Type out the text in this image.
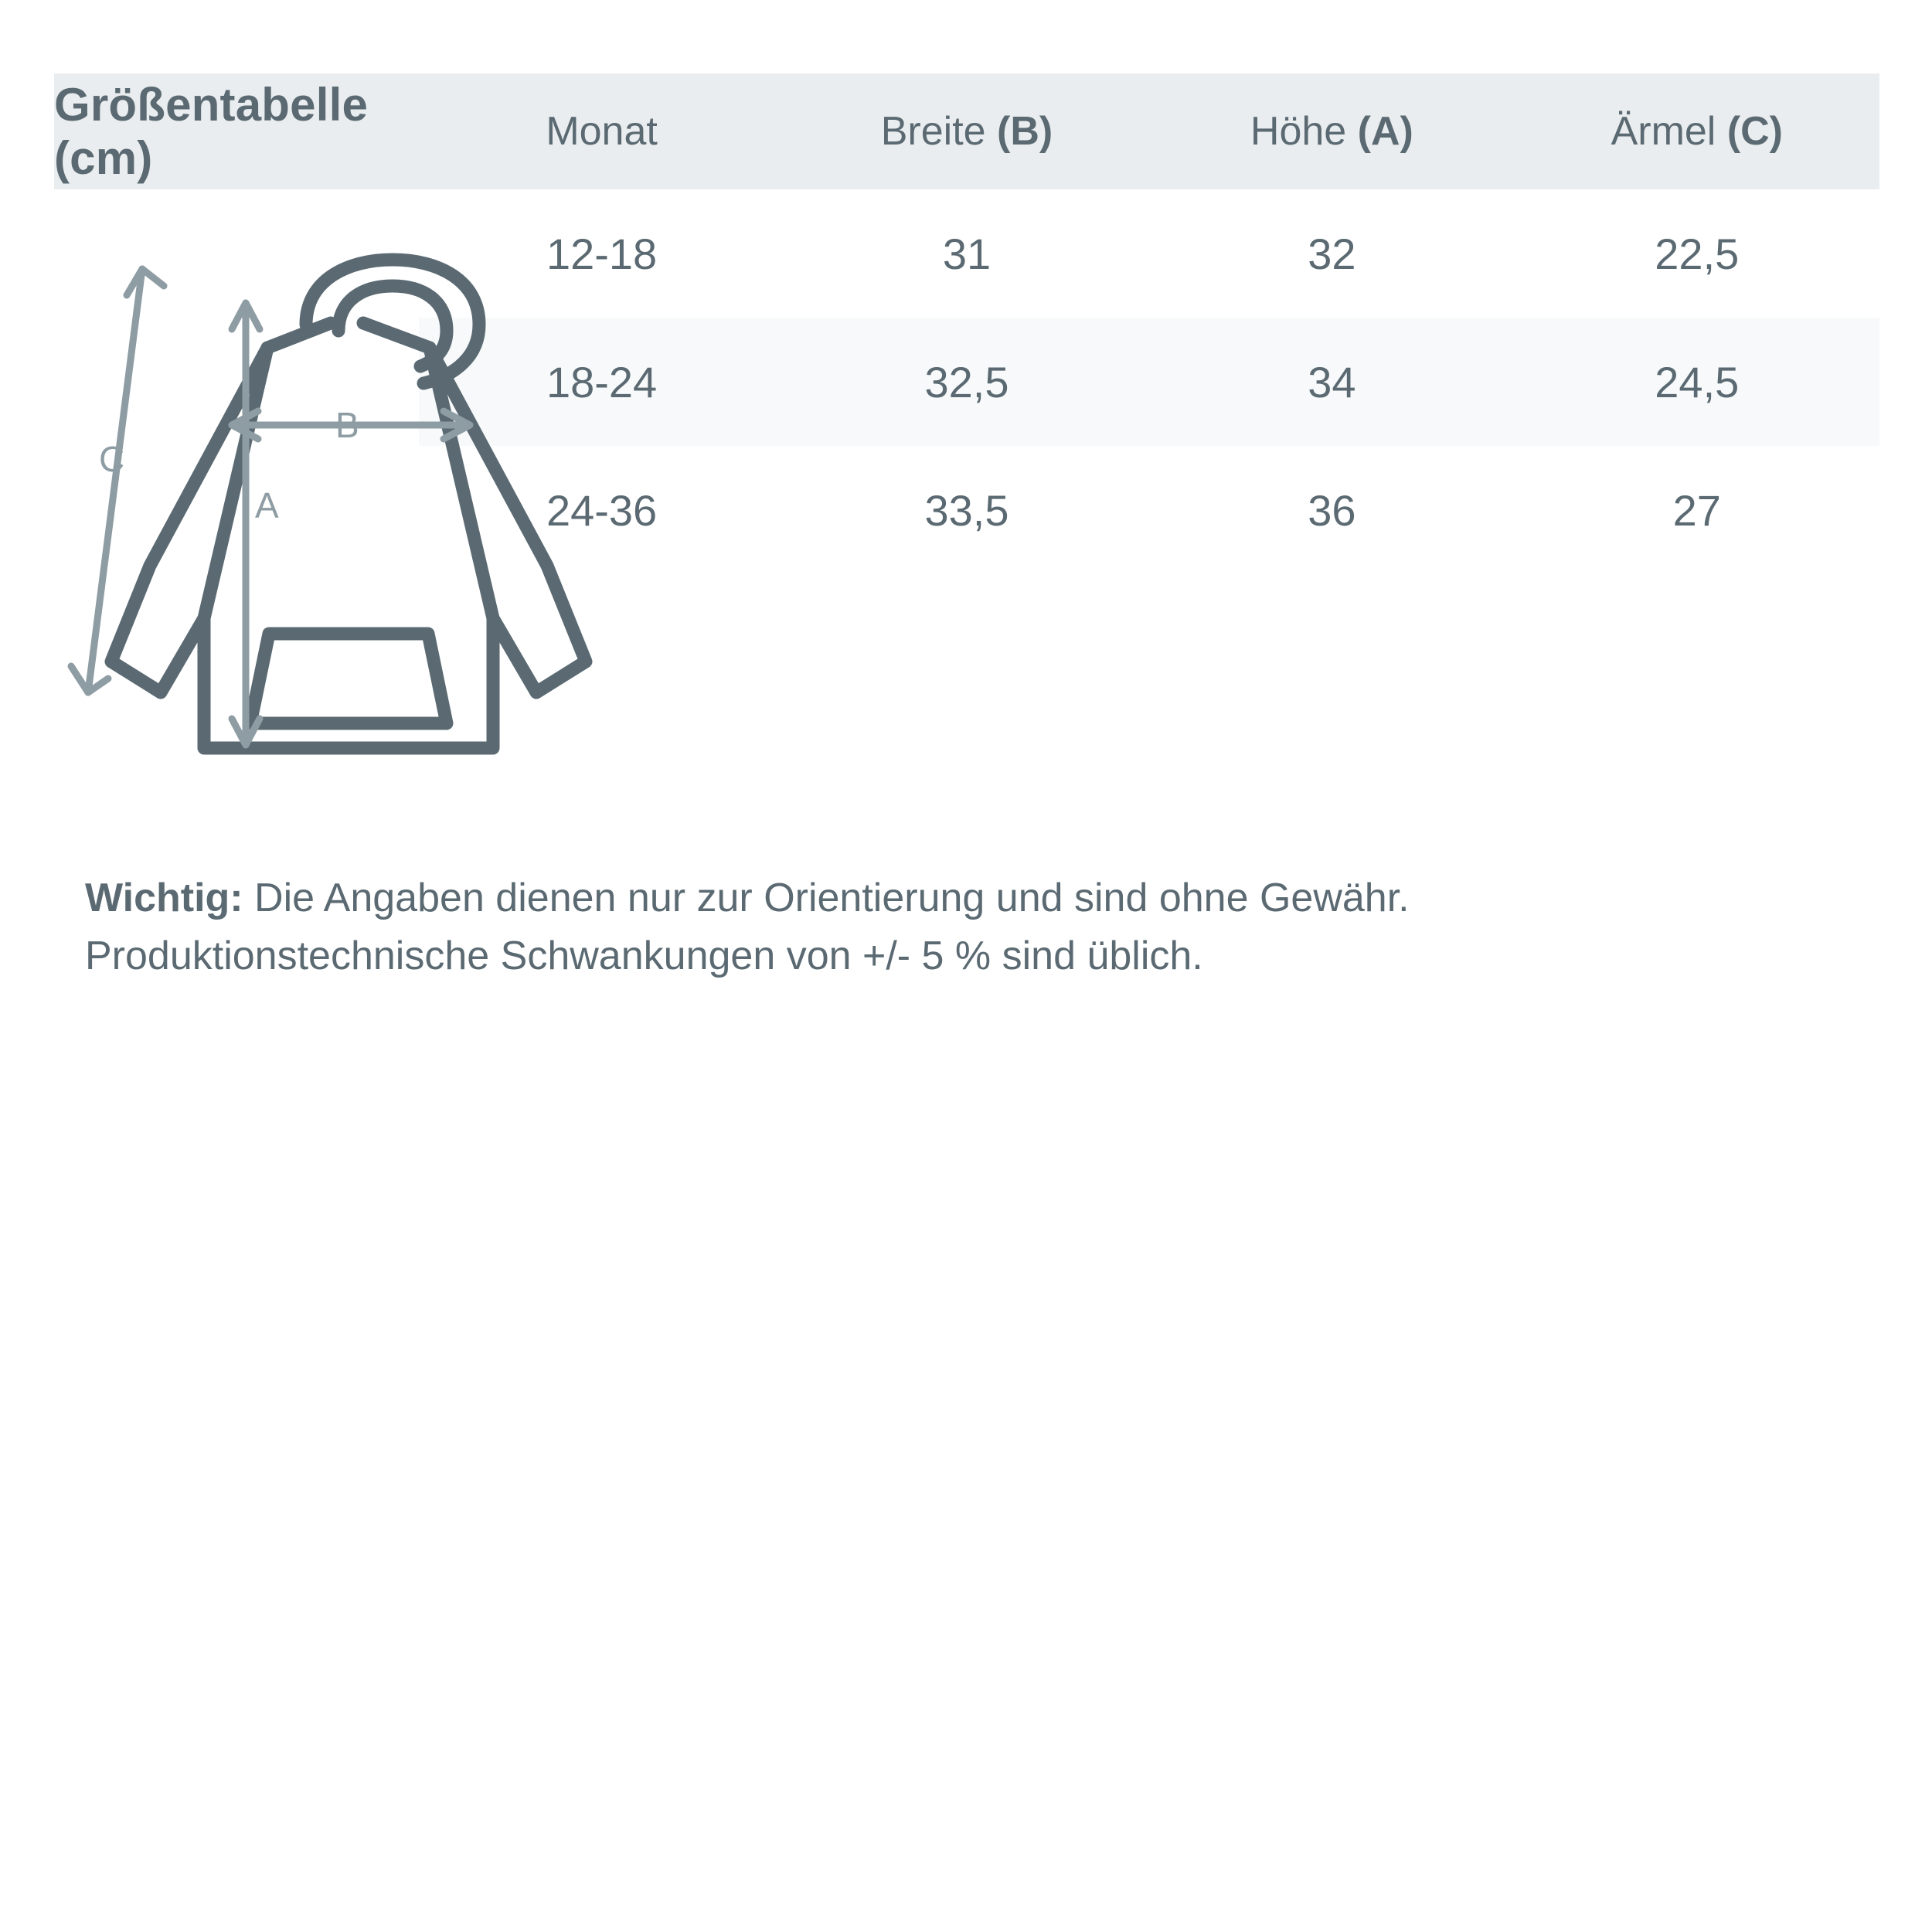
Größentabelle (cm)	Monat	Breite (B)	Höhe (A)	Ärmel (C)
	12-18	31	32	22,5
	18-24	32,5	34	24,5
	24-36	33,5	36	27
C
A
B
Wichtig: Die Angaben dienen nur zur Orientierung und sind ohne Gewähr.
Produktionstechnische Schwankungen von +/- 5 % sind üblich.
